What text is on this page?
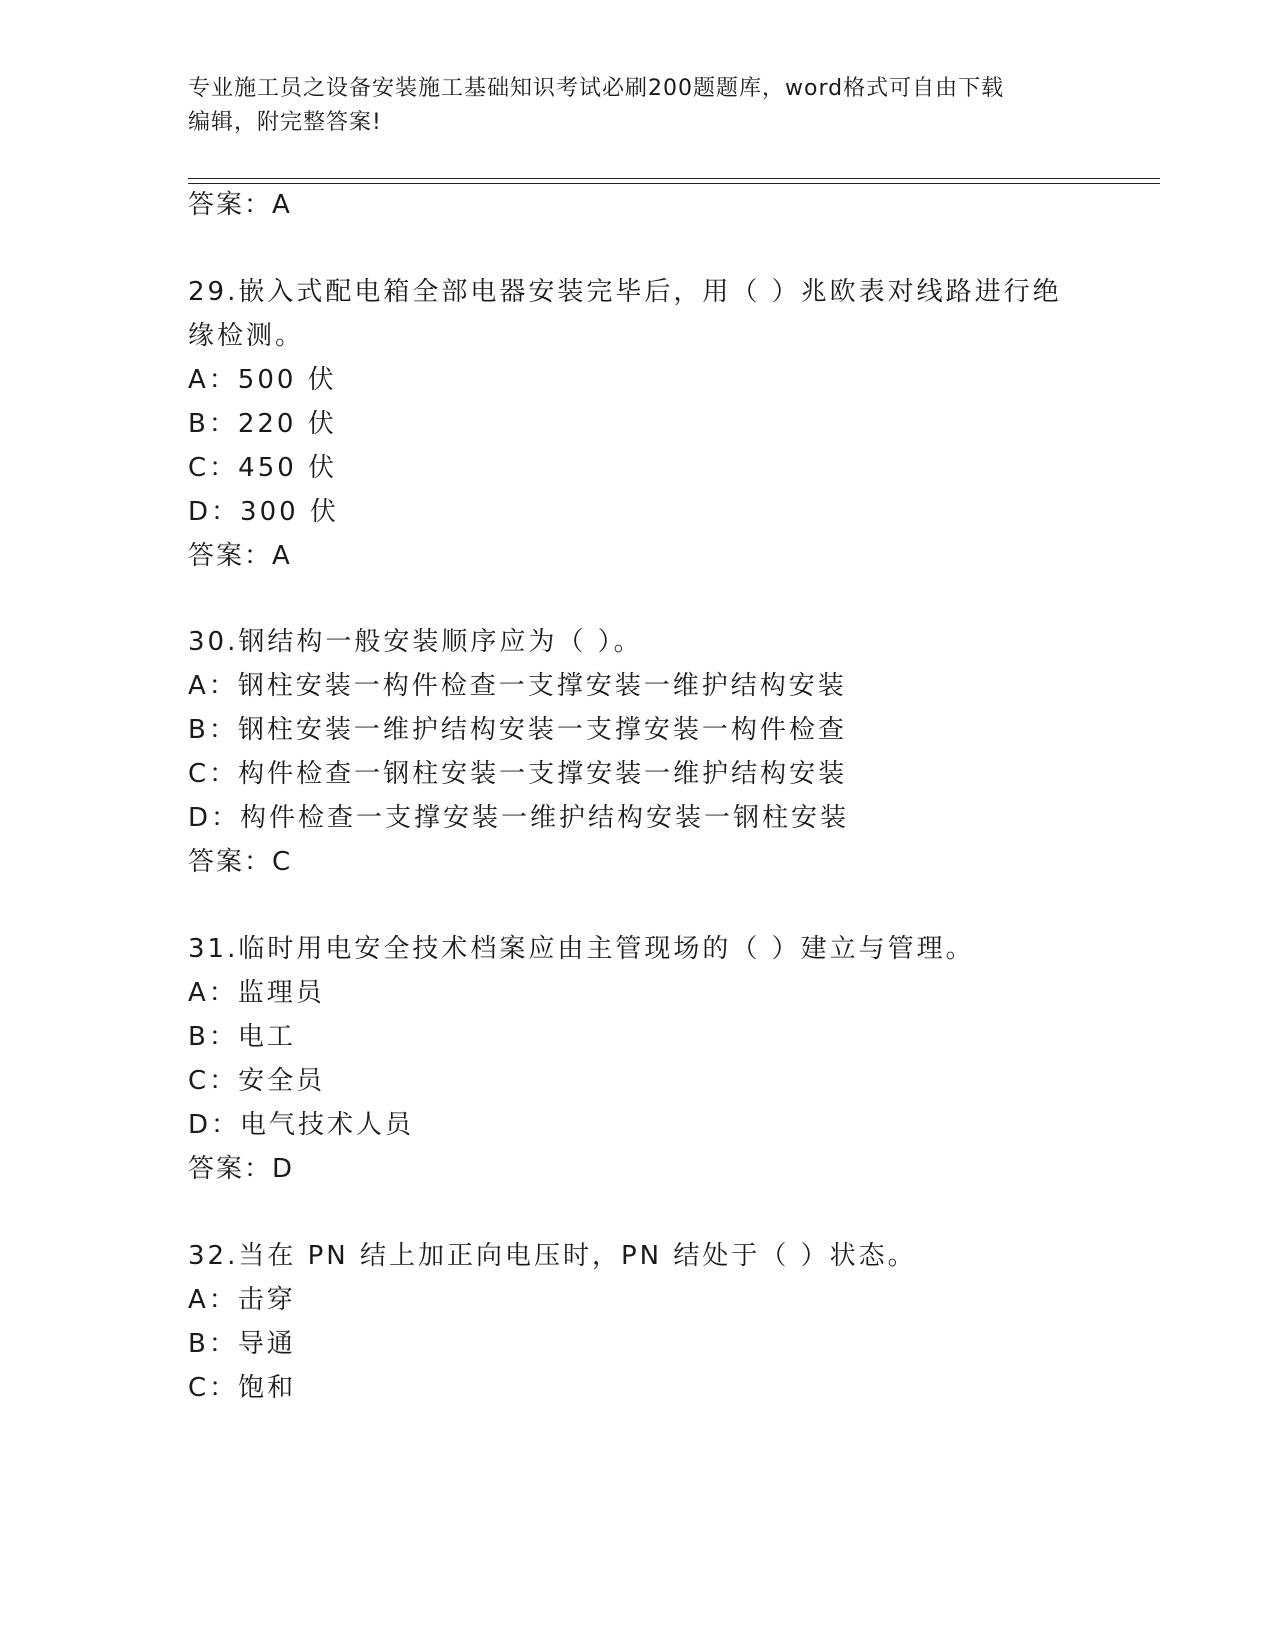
专业施工员之设备安装施工基础知识考试必刷200题题库，word格式可自由下载
编辑，附完整答案!
答案：A
29.嵌入式配电箱全部电器安装完毕后，用（ ）兆欧表对线路进行绝
缘检测。
A：500 伏
B：220 伏
C：450 伏
D：300 伏
答案：A
30.钢结构一般安装顺序应为（ ）。
A：钢柱安装一构件检查一支撑安装一维护结构安装
B：钢柱安装一维护结构安装一支撑安装一构件检查
C：构件检查一钢柱安装一支撑安装一维护结构安装
D：构件检查一支撑安装一维护结构安装一钢柱安装
答案：C
31.临时用电安全技术档案应由主管现场的（ ）建立与管理。
A：监理员
B：电工
C：安全员
D：电气技术人员
答案：D
32.当在 PN 结上加正向电压时，PN 结处于（ ）状态。
A：击穿
B：导通
C：饱和
